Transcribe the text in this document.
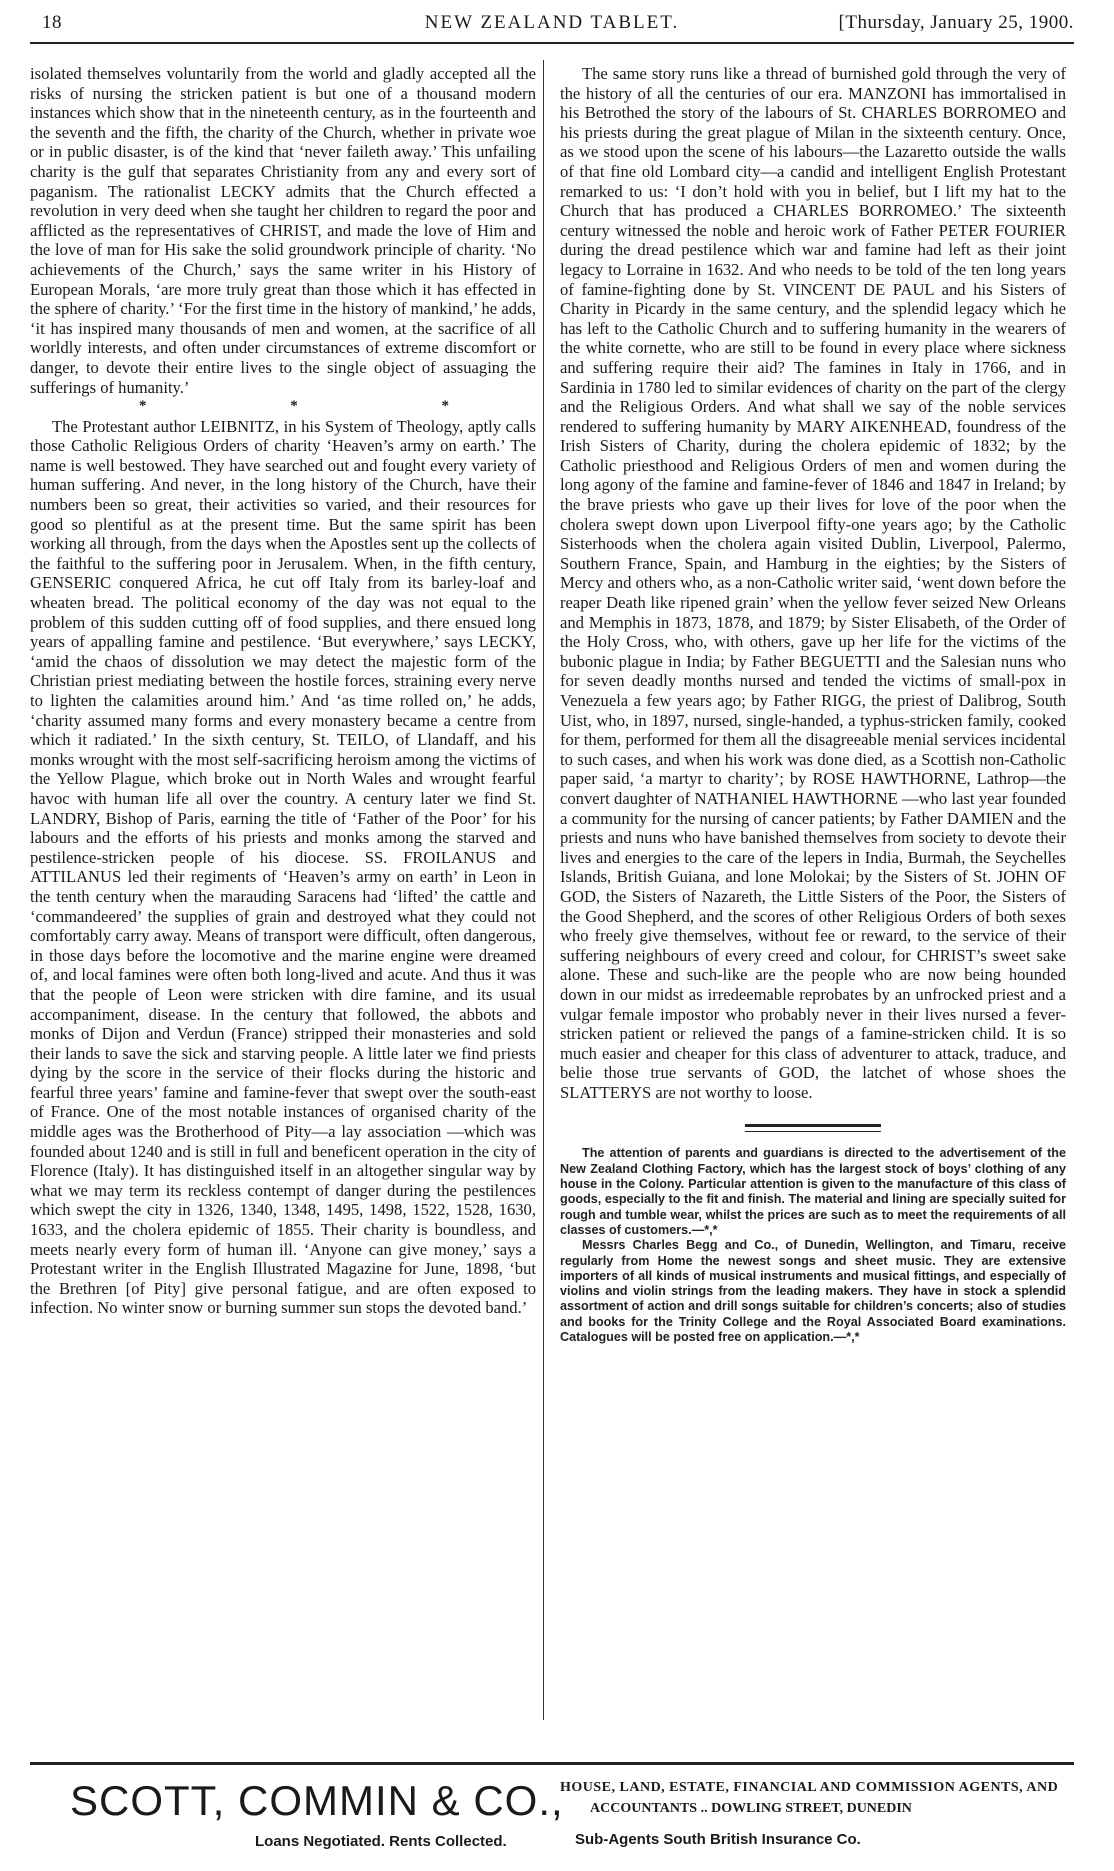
18	NEW ZEALAND TABLET.	[Thursday, January 25, 1900.

isolated themselves voluntarily from the world and gladly accepted all the risks of nursing the stricken patient is but one of a thousand modern instances which show that in the nineteenth century, as in the fourteenth and the seventh and the fifth, the charity of the Church, whether in private woe or in public disaster, is of the kind that ‘never faileth away.’ This unfailing charity is the gulf that separates Christianity from any and every sort of paganism. The rationalist LECKY admits that the Church effected a revolution in very deed when she taught her children to regard the poor and afflicted as the representatives of CHRIST, and made the love of Him and the love of man for His sake the solid groundwork principle of charity. ‘No achievements of the Church,’ says the same writer in his History of European Morals, ‘are more truly great than those which it has effected in the sphere of charity.’ ‘For the first time in the history of mankind,’ he adds, ‘it has inspired many thousands of men and women, at the sacrifice of all worldly interests, and often under circumstances of extreme discomfort or danger, to devote their entire lives to the single object of assuaging the sufferings of humanity.’

* * *

The Protestant author LEIBNITZ, in his System of Theology, aptly calls those Catholic Religious Orders of charity ‘Heaven’s army on earth.’ The name is well bestowed. They have searched out and fought every variety of human suffering. And never, in the long history of the Church, have their numbers been so great, their activities so varied, and their resources for good so plentiful as at the present time. But the same spirit has been working all through, from the days when the Apostles sent up the collects of the faithful to the suffering poor in Jerusalem. When, in the fifth century, GENSERIC conquered Africa, he cut off Italy from its barley-loaf and wheaten bread. The political economy of the day was not equal to the problem of this sudden cutting off of food supplies, and there ensued long years of appalling famine and pestilence. ‘But everywhere,’ says LECKY, ‘amid the chaos of dissolution we may detect the majestic form of the Christian priest mediating between the hostile forces, straining every nerve to lighten the calamities around him.’ And ‘as time rolled on,’ he adds, ‘charity assumed many forms and every monastery became a centre from which it radiated.’ In the sixth century, St. TEILO, of Llandaff, and his monks wrought with the most self-sacrificing heroism among the victims of the Yellow Plague, which broke out in North Wales and wrought fearful havoc with human life all over the country. A century later we find St. LANDRY, Bishop of Paris, earning the title of ‘Father of the Poor’ for his labours and the efforts of his priests and monks among the starved and pestilence-stricken people of his diocese. SS. FROILANUS and ATTILANUS led their regiments of ‘Heaven’s army on earth’ in Leon in the tenth century when the marauding Saracens had ‘lifted’ the cattle and ‘commandeered’ the supplies of grain and destroyed what they could not comfortably carry away. Means of transport were difficult, often dangerous, in those days before the locomotive and the marine engine were dreamed of, and local famines were often both long-lived and acute. And thus it was that the people of Leon were stricken with dire famine, and its usual accompaniment, disease. In the century that followed, the abbots and monks of Dijon and Verdun (France) stripped their monasteries and sold their lands to save the sick and starving people. A little later we find priests dying by the score in the service of their flocks during the historic and fearful three years’ famine and famine-fever that swept over the south-east of France. One of the most notable instances of organised charity of the middle ages was the Brotherhood of Pity—a lay association —which was founded about 1240 and is still in full and beneficent operation in the city of Florence (Italy). It has distinguished itself in an altogether singular way by what we may term its reckless contempt of danger during the pestilences which swept the city in 1326, 1340, 1348, 1495, 1498, 1522, 1528, 1630, 1633, and the cholera epidemic of 1855. Their charity is boundless, and meets nearly every form of human ill. ‘Anyone can give money,’ says a Protestant writer in the English Illustrated Magazine for June, 1898, ‘but the Brethren [of Pity] give personal fatigue, and are often exposed to infection. No winter snow or burning summer sun stops the devoted band.’

The same story runs like a thread of burnished gold through the very of the history of all the centuries of our era. MANZONI has immortalised in his Betrothed the story of the labours of St. CHARLES BORROMEO and his priests during the great plague of Milan in the sixteenth century. Once, as we stood upon the scene of his labours—the Lazaretto outside the walls of that fine old Lombard city—a candid and intelligent English Protestant remarked to us: ‘I don’t hold with you in belief, but I lift my hat to the Church that has produced a CHARLES BORROMEO.’ The sixteenth century witnessed the noble and heroic work of Father PETER FOURIER during the dread pestilence which war and famine had left as their joint legacy to Lorraine in 1632. And who needs to be told of the ten long years of famine-fighting done by St. VINCENT DE PAUL and his Sisters of Charity in Picardy in the same century, and the splendid legacy which he has left to the Catholic Church and to suffering humanity in the wearers of the white cornette, who are still to be found in every place where sickness and suffering require their aid? The famines in Italy in 1766, and in Sardinia in 1780 led to similar evidences of charity on the part of the clergy and the Religious Orders. And what shall we say of the noble services rendered to suffering humanity by MARY AIKENHEAD, foundress of the Irish Sisters of Charity, during the cholera epidemic of 1832; by the Catholic priesthood and Religious Orders of men and women during the long agony of the famine and famine-fever of 1846 and 1847 in Ireland; by the brave priests who gave up their lives for love of the poor when the cholera swept down upon Liverpool fifty-one years ago; by the Catholic Sisterhoods when the cholera again visited Dublin, Liverpool, Palermo, Southern France, Spain, and Hamburg in the eighties; by the Sisters of Mercy and others who, as a non-Catholic writer said, ‘went down before the reaper Death like ripened grain’ when the yellow fever seized New Orleans and Memphis in 1873, 1878, and 1879; by Sister Elisabeth, of the Order of the Holy Cross, who, with others, gave up her life for the victims of the bubonic plague in India; by Father BEGUETTI and the Salesian nuns who for seven deadly months nursed and tended the victims of small-pox in Venezuela a few years ago; by Father RIGG, the priest of Dalibrog, South Uist, who, in 1897, nursed, single-handed, a typhus-stricken family, cooked for them, performed for them all the disagreeable menial services incidental to such cases, and when his work was done died, as a Scottish non-Catholic paper said, ‘a martyr to charity’; by ROSE HAWTHORNE, Lathrop—the convert daughter of NATHANIEL HAWTHORNE —who last year founded a community for the nursing of cancer patients; by Father DAMIEN and the priests and nuns who have banished themselves from society to devote their lives and energies to the care of the lepers in India, Burmah, the Seychelles Islands, British Guiana, and lone Molokai; by the Sisters of St. JOHN OF GOD, the Sisters of Nazareth, the Little Sisters of the Poor, the Sisters of the Good Shepherd, and the scores of other Religious Orders of both sexes who freely give themselves, without fee or reward, to the service of their suffering neighbours of every creed and colour, for CHRIST’s sweet sake alone. These and such-like are the people who are now being hounded down in our midst as irredeemable reprobates by an unfrocked priest and a vulgar female impostor who probably never in their lives nursed a fever-stricken patient or relieved the pangs of a famine-stricken child. It is so much easier and cheaper for this class of adventurer to attack, traduce, and belie those true servants of GOD, the latchet of whose shoes the SLATTERYS are not worthy to loose.

The attention of parents and guardians is directed to the advertisement of the New Zealand Clothing Factory, which has the largest stock of boys’ clothing of any house in the Colony. Particular attention is given to the manufacture of this class of goods, especially to the fit and finish. The material and lining are specially suited for rough and tumble wear, whilst the prices are such as to meet the requirements of all classes of customers.—*,*

Messrs Charles Begg and Co., of Dunedin, Wellington, and Timaru, receive regularly from Home the newest songs and sheet music. They are extensive importers of all kinds of musical instruments and musical fittings, and especially of violins and violin strings from the leading makers. They have in stock a splendid assortment of action and drill songs suitable for children’s concerts; also of studies and books for the Trinity College and the Royal Associated Board examinations. Catalogues will be posted free on application.—*,*

SCOTT, COMMIN & CO.,
Loans Negotiated. Rents Collected.
HOUSE, LAND, ESTATE, FINANCIAL AND COMMISSION AGENTS, AND
ACCOUNTANTS .. DOWLING STREET, DUNEDIN
Sub-Agents South British Insurance Co.
